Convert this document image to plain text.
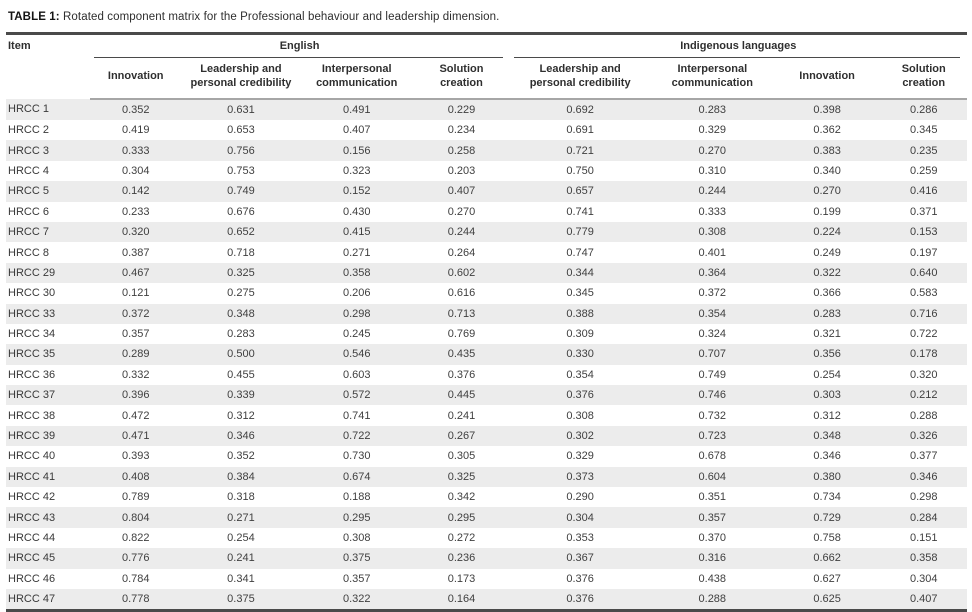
TABLE 1: Rotated component matrix for the Professional behaviour and leadership dimension.
Item	English				Indigenous languages			
	Innovation	Leadership and personal credibility	Interpersonal communication	Solution creation	Leadership and personal credibility	Interpersonal communication	Innovation	Solution creation
HRCC 1	0.352	0.631	0.491	0.229	0.692	0.283	0.398	0.286
HRCC 2	0.419	0.653	0.407	0.234	0.691	0.329	0.362	0.345
HRCC 3	0.333	0.756	0.156	0.258	0.721	0.270	0.383	0.235
HRCC 4	0.304	0.753	0.323	0.203	0.750	0.310	0.340	0.259
HRCC 5	0.142	0.749	0.152	0.407	0.657	0.244	0.270	0.416
HRCC 6	0.233	0.676	0.430	0.270	0.741	0.333	0.199	0.371
HRCC 7	0.320	0.652	0.415	0.244	0.779	0.308	0.224	0.153
HRCC 8	0.387	0.718	0.271	0.264	0.747	0.401	0.249	0.197
HRCC 29	0.467	0.325	0.358	0.602	0.344	0.364	0.322	0.640
HRCC 30	0.121	0.275	0.206	0.616	0.345	0.372	0.366	0.583
HRCC 33	0.372	0.348	0.298	0.713	0.388	0.354	0.283	0.716
HRCC 34	0.357	0.283	0.245	0.769	0.309	0.324	0.321	0.722
HRCC 35	0.289	0.500	0.546	0.435	0.330	0.707	0.356	0.178
HRCC 36	0.332	0.455	0.603	0.376	0.354	0.749	0.254	0.320
HRCC 37	0.396	0.339	0.572	0.445	0.376	0.746	0.303	0.212
HRCC 38	0.472	0.312	0.741	0.241	0.308	0.732	0.312	0.288
HRCC 39	0.471	0.346	0.722	0.267	0.302	0.723	0.348	0.326
HRCC 40	0.393	0.352	0.730	0.305	0.329	0.678	0.346	0.377
HRCC 41	0.408	0.384	0.674	0.325	0.373	0.604	0.380	0.346
HRCC 42	0.789	0.318	0.188	0.342	0.290	0.351	0.734	0.298
HRCC 43	0.804	0.271	0.295	0.295	0.304	0.357	0.729	0.284
HRCC 44	0.822	0.254	0.308	0.272	0.353	0.370	0.758	0.151
HRCC 45	0.776	0.241	0.375	0.236	0.367	0.316	0.662	0.358
HRCC 46	0.784	0.341	0.357	0.173	0.376	0.438	0.627	0.304
HRCC 47	0.778	0.375	0.322	0.164	0.376	0.288	0.625	0.407
